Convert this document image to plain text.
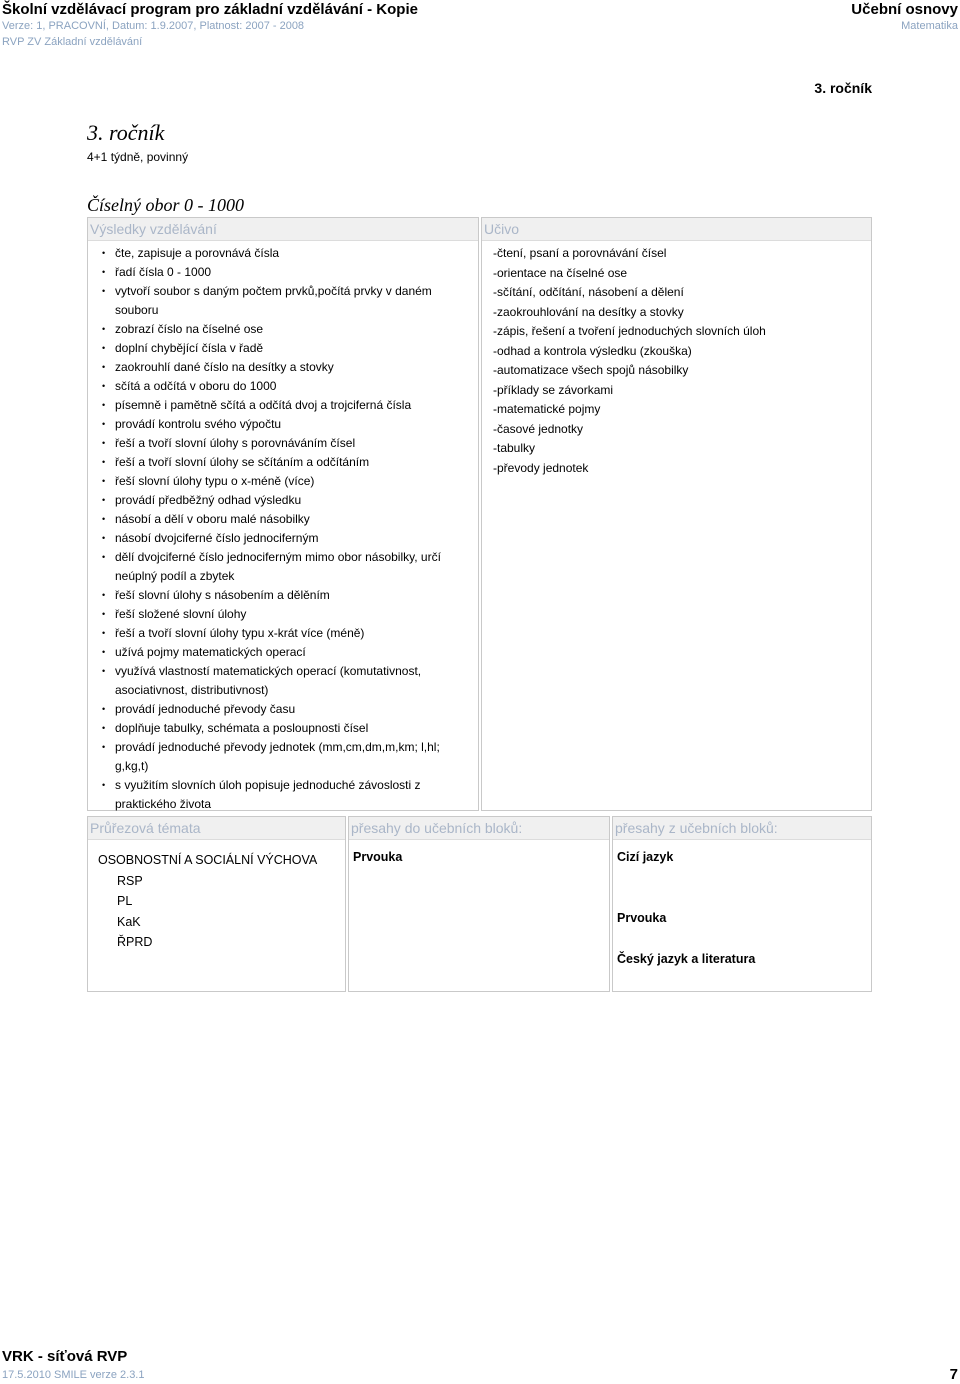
Školní vzdělávací program pro základní vzdělávání - Kopie
Verze: 1, PRACOVNÍ, Datum: 1.9.2007, Platnost: 2007 - 2008
RVP ZV Základní vzdělávání
Učební osnovy
Matematika
3. ročník
3. ročník
4+1 týdně, povinný
Číselný obor 0 - 1000
Výsledky vzdělávání
• čte, zapisuje a porovnává čísla
• řadí čísla 0 - 1000
• vytvoří soubor s daným počtem prvků,počítá prvky v daném souboru
• zobrazí číslo na číselné ose
• doplní chybějící čísla v řadě
• zaokrouhlí dané číslo na desítky a stovky
• sčítá a odčítá v oboru do 1000
• písemně i pamětně sčítá a odčítá dvoj a trojciferná čísla
• provádí kontrolu svého výpočtu
• řeší a tvoří slovní úlohy s porovnáváním čísel
• řeší a tvoří slovní úlohy se sčítáním a odčítáním
• řeší slovní úlohy typu o x-méně (více)
• provádí předběžný odhad výsledku
• násobí a dělí v oboru malé násobilky
• násobí dvojciferné číslo jednociferným
• dělí dvojciferné číslo jednociferným mimo obor násobilky, určí neúplný podíl a zbytek
• řeší slovní úlohy s násobením a dělěním
• řeší složené slovní úlohy
• řeší a tvoří slovní úlohy typu x-krát více (méně)
• užívá pojmy matematických operací
• využívá vlastností matematických operací (komutativnost, asociativnost, distributivnost)
• provádí jednoduché převody času
• doplňuje tabulky, schémata a posloupnosti čísel
• provádí jednoduché převody jednotek (mm,cm,dm,m,km; l,hl; g,kg,t)
• s využitím slovních úloh popisuje jednoduché závoslosti z praktického života
Učivo
-čtení, psaní a porovnávání čísel
-orientace na číselné ose
-sčítání, odčítání, násobení a dělení
-zaokrouhlování na desítky a stovky
-zápis, řešení a tvoření jednoduchých slovních úloh
-odhad a kontrola výsledku (zkouška)
-automatizace všech spojů násobilky
-příklady se závorkami
-matematické pojmy
-časové jednotky
-tabulky
-převody jednotek
Průřezová témata
OSOBNOSTNÍ A SOCIÁLNÍ VÝCHOVA
RSP
PL
KaK
ŘPRD
přesahy do učebních bloků:
Prvouka
přesahy z učebních bloků:
Cizí jazyk
Prvouka
Český jazyk a literatura
VRK - síťová RVP
17.5.2010 SMILE verze 2.3.1	7
